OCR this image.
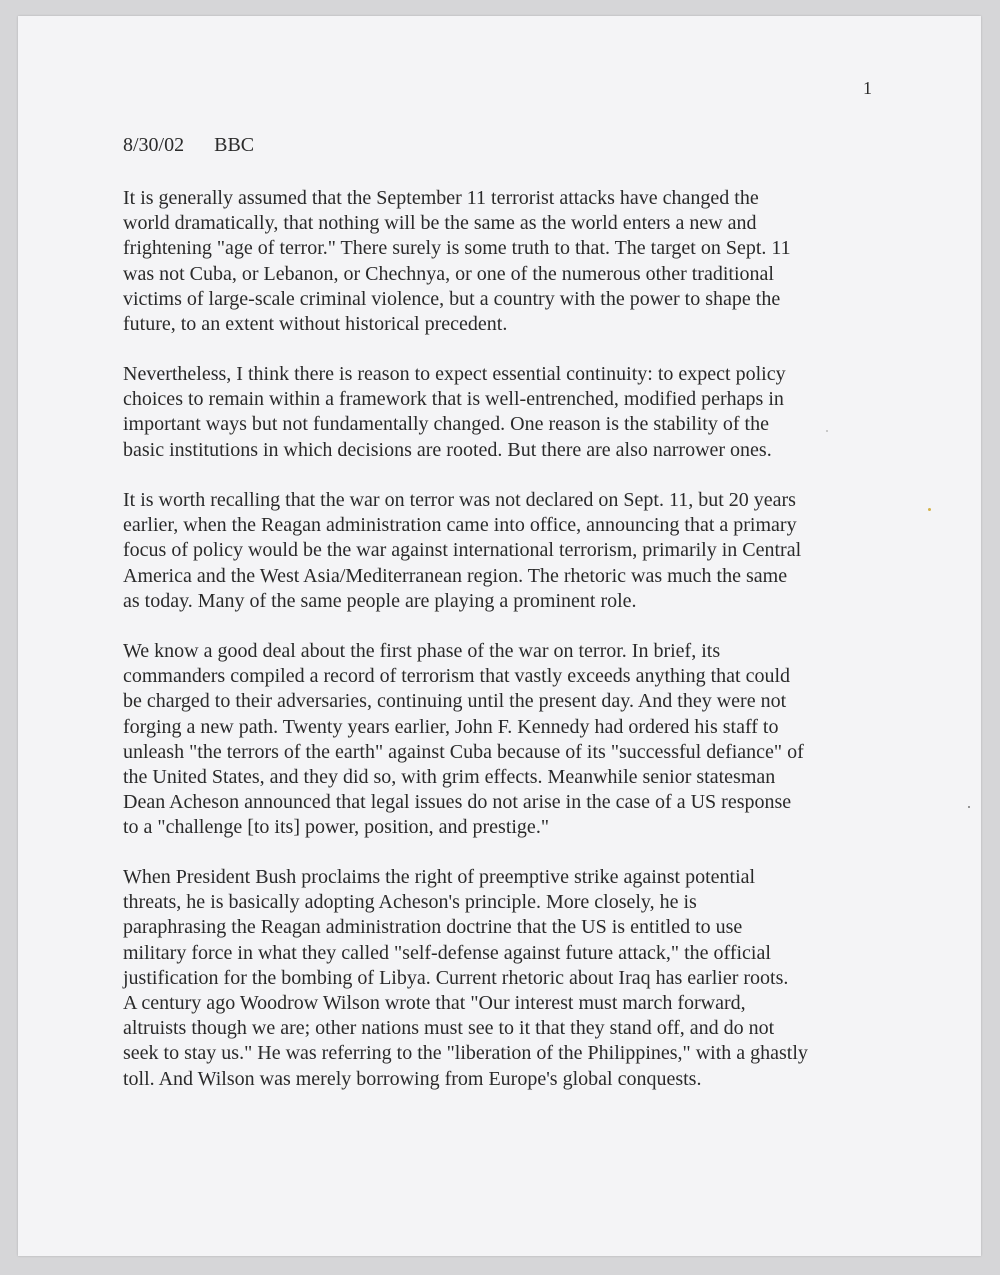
1
8/30/02 BBC

It is generally assumed that the September 11 terrorist attacks have changed the
world dramatically, that nothing will be the same as the world enters a new and
frightening "age of terror." There surely is some truth to that. The target on Sept. 11
was not Cuba, or Lebanon, or Chechnya, or one of the numerous other traditional
victims of large-scale criminal violence, but a country with the power to shape the
future, to an extent without historical precedent.

Nevertheless, I think there is reason to expect essential continuity: to expect policy
choices to remain within a framework that is well-entrenched, modified perhaps in
important ways but not fundamentally changed. One reason is the stability of the
basic institutions in which decisions are rooted. But there are also narrower ones.

It is worth recalling that the war on terror was not declared on Sept. 11, but 20 years
earlier, when the Reagan administration came into office, announcing that a primary
focus of policy would be the war against international terrorism, primarily in Central
America and the West Asia/Mediterranean region. The rhetoric was much the same
as today. Many of the same people are playing a prominent role.

We know a good deal about the first phase of the war on terror. In brief, its
commanders compiled a record of terrorism that vastly exceeds anything that could
be charged to their adversaries, continuing until the present day. And they were not
forging a new path. Twenty years earlier, John F. Kennedy had ordered his staff to
unleash "the terrors of the earth" against Cuba because of its "successful defiance" of
the United States, and they did so, with grim effects. Meanwhile senior statesman
Dean Acheson announced that legal issues do not arise in the case of a US response
to a "challenge [to its] power, position, and prestige."

When President Bush proclaims the right of preemptive strike against potential
threats, he is basically adopting Acheson's principle. More closely, he is
paraphrasing the Reagan administration doctrine that the US is entitled to use
military force in what they called "self-defense against future attack," the official
justification for the bombing of Libya. Current rhetoric about Iraq has earlier roots.
A century ago Woodrow Wilson wrote that "Our interest must march forward,
altruists though we are; other nations must see to it that they stand off, and do not
seek to stay us." He was referring to the "liberation of the Philippines," with a ghastly
toll. And Wilson was merely borrowing from Europe's global conquests.
